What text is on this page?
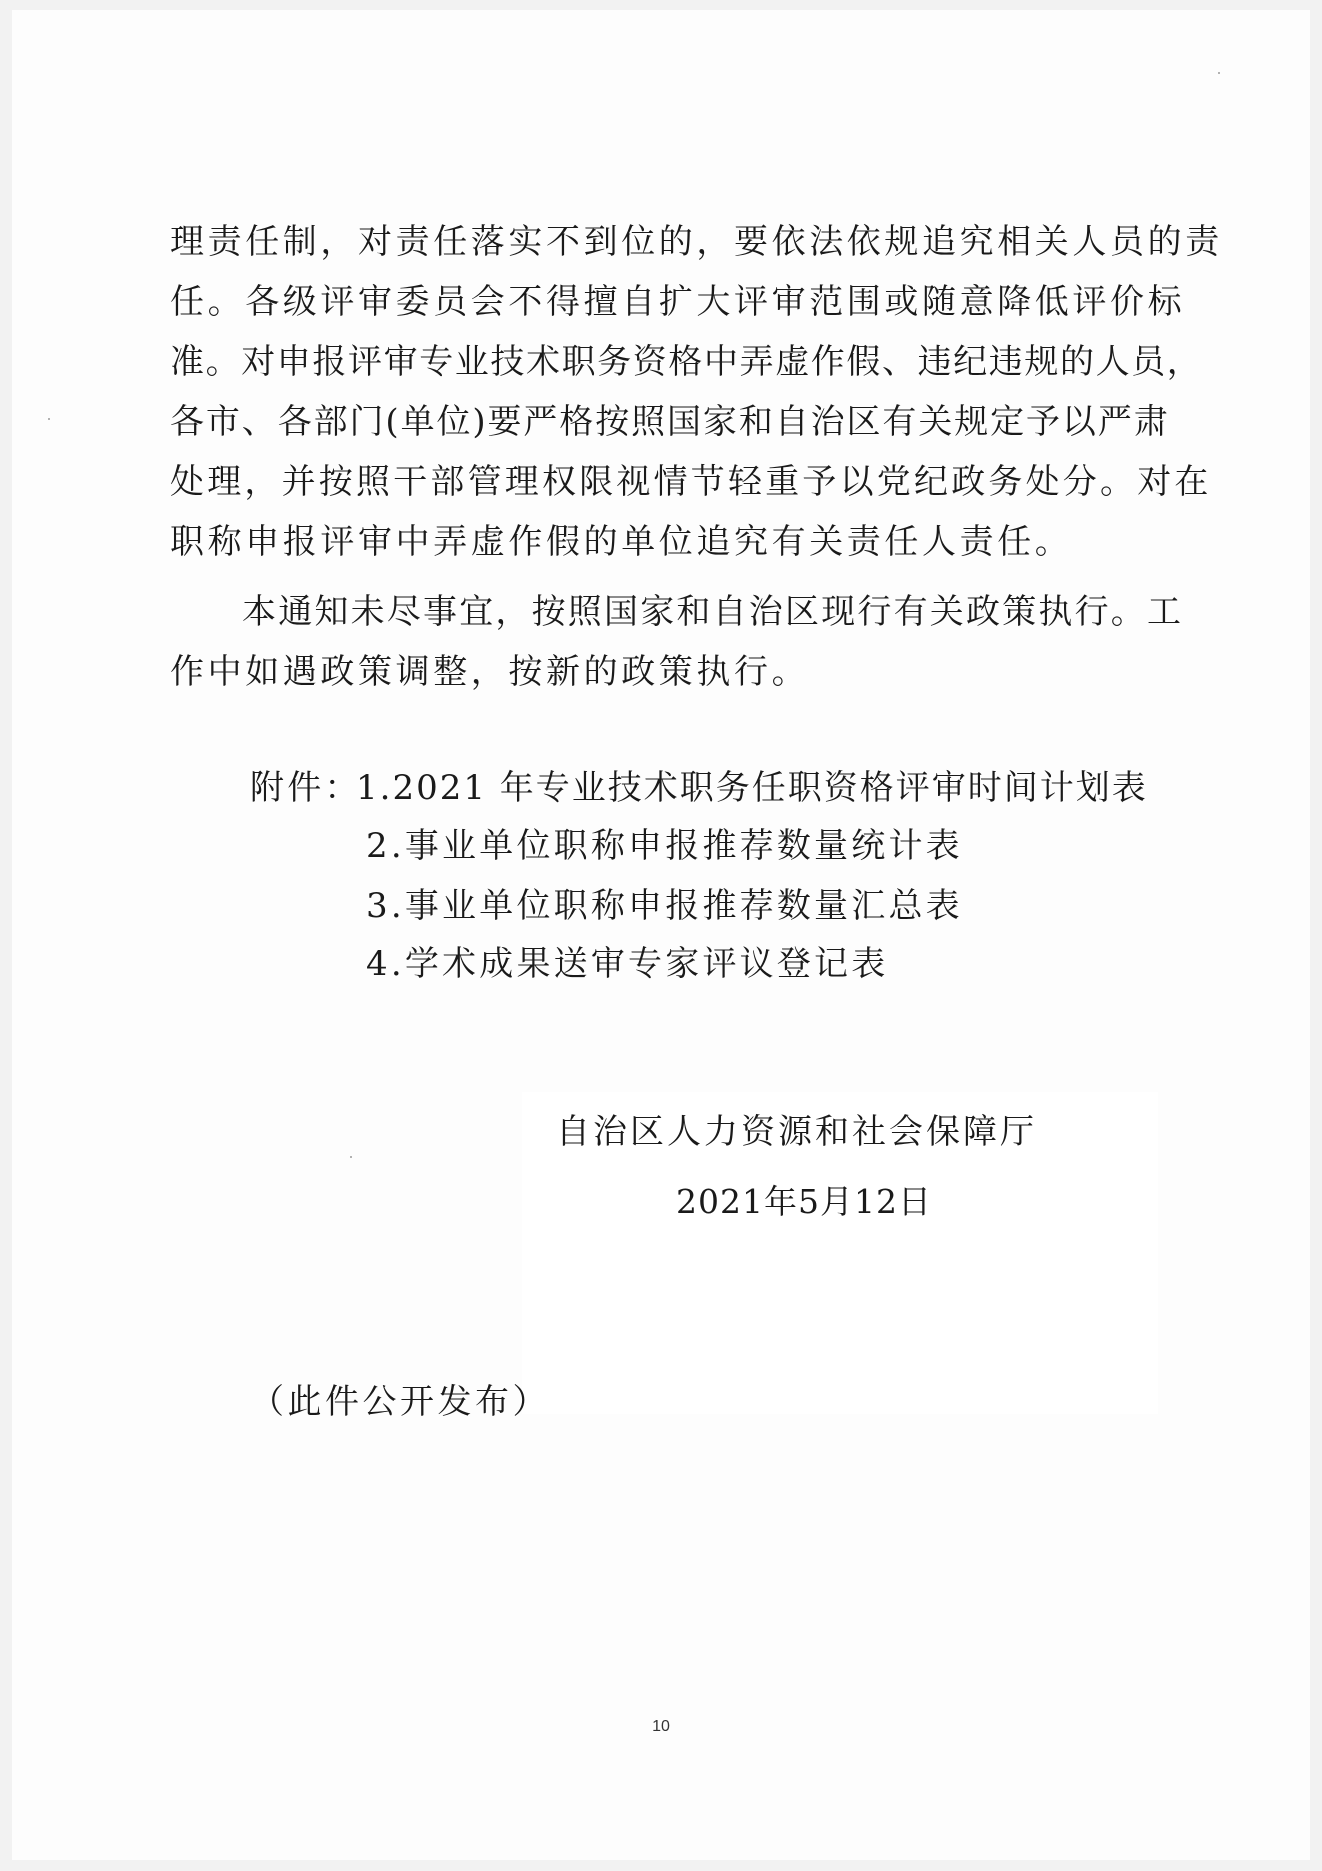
理责任制，对责任落实不到位的，要依法依规追究相关人员的责
任。各级评审委员会不得擅自扩大评审范围或随意降低评价标
准。对申报评审专业技术职务资格中弄虚作假、违纪违规的人员，
各市、各部门(单位)要严格按照国家和自治区有关规定予以严肃
处理，并按照干部管理权限视情节轻重予以党纪政务处分。对在
职称申报评审中弄虚作假的单位追究有关责任人责任。
本通知未尽事宜，按照国家和自治区现行有关政策执行。工
作中如遇政策调整，按新的政策执行。
附件：
1.2021 年专业技术职务任职资格评审时间计划表
2.事业单位职称申报推荐数量统计表
3.事业单位职称申报推荐数量汇总表
4.学术成果送审专家评议登记表
自治区人力资源和社会保障厅
2021年5月12日
（此件公开发布）
10
